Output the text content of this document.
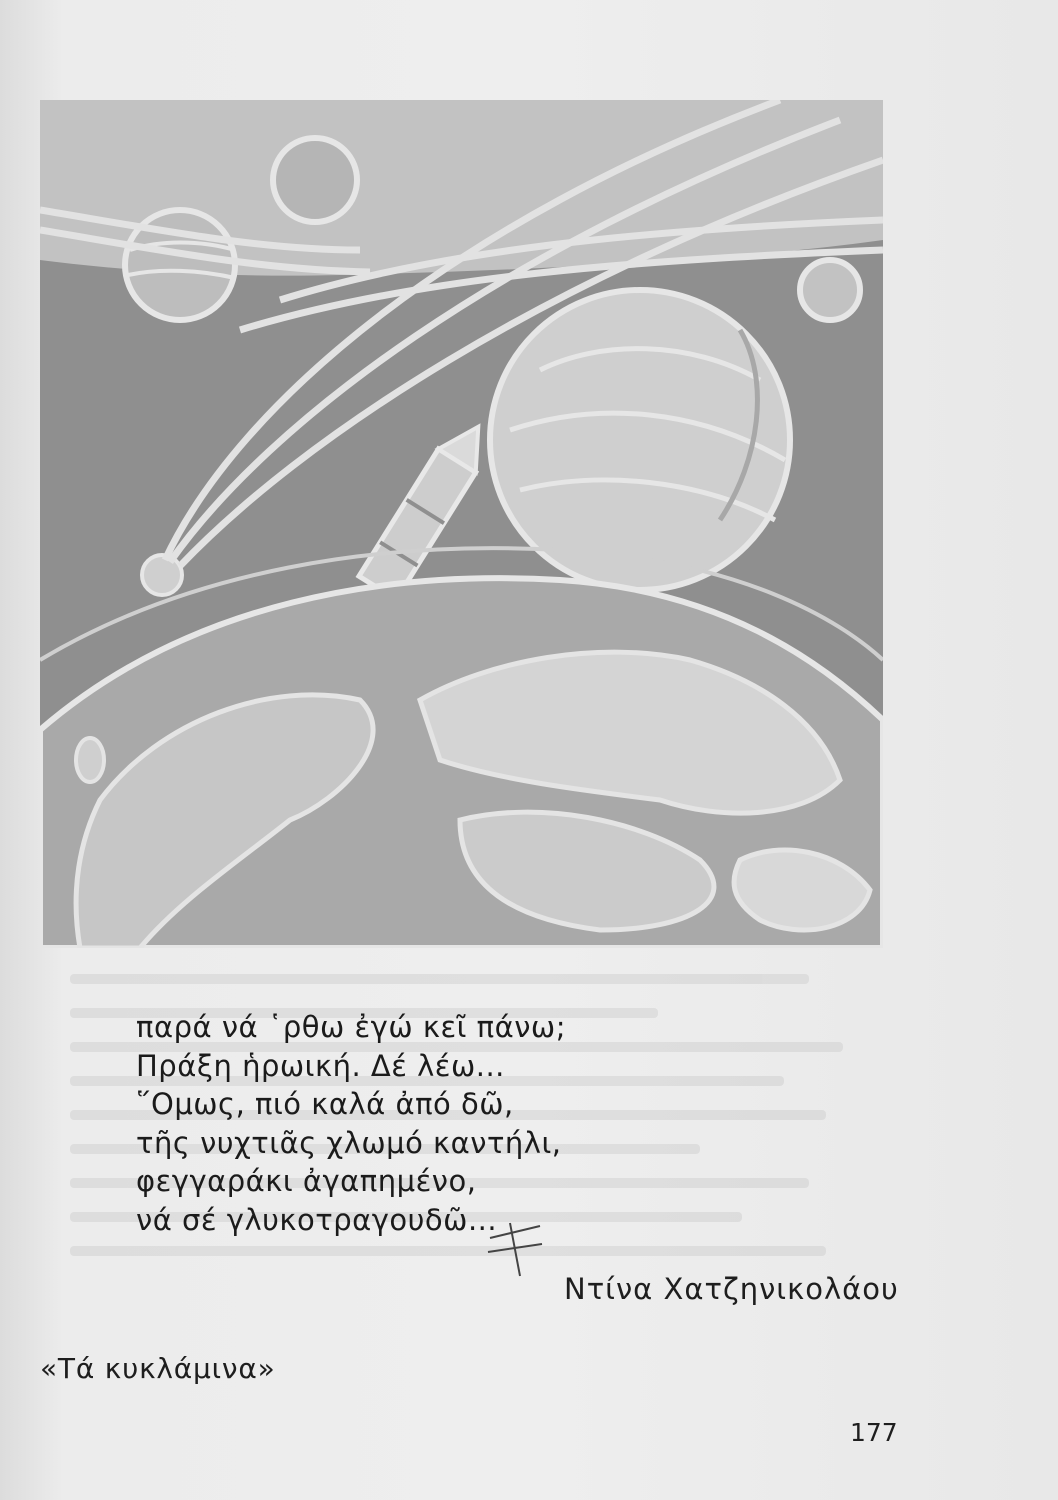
παρά νά ῾ρθω ἐγώ κεῖ πάνω;
Πράξη ἡρωική. Δέ λέω...
῞Ομως, πιό καλά ἀπό δῶ,
τῆς νυχτιᾶς χλωμό καντήλι,
φεγγαράκι ἀγαπημένο,
νά σέ γλυκοτραγουδῶ...
Ντίνα Χατζηνικολάου
«Τά κυκλάμινα»
177
